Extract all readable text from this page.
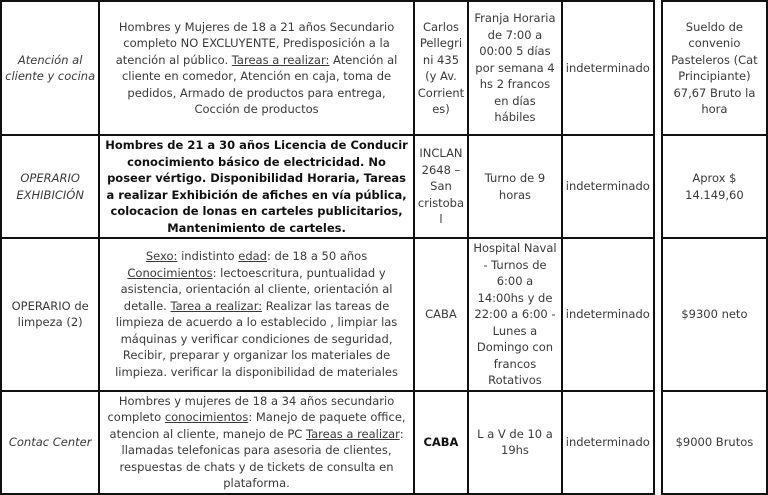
Atención al cliente y cocina	Hombres y Mujeres de 18 a 21 años Secundario completo NO EXCLUYENTE, Predisposición a la atención al público. Tareas a realizar: Atención al cliente en comedor, Atención en caja, toma de pedidos, Armado de productos para entrega, Cocción de productos	Carlos Pellegri ni 435 (y Av. Corrient es)	Franja Horaria de 7:00 a 00:00 5 días por semana 4 hs 2 francos en días hábiles	indeterminado		Sueldo de convenio Pasteleros (Cat Principiante) 67,67 Bruto la hora
OPERARIO EXHIBICIÓN	Hombres de 21 a 30 años Licencia de Conducir conocimiento básico de electricidad. No poseer vértigo. Disponibilidad Horaria, Tareas a realizar Exhibición de afiches en vía pública, colocacion de lonas en carteles publicitarios, Mantenimiento de carteles.	INCLAN 2648 – San cristoba l	Turno de 9 horas	indeterminado		Aprox $ 14.149,60
OPERARIO de limpeza (2)	Sexo: indistinto edad: de 18 a 50 años Conocimientos: lectoescritura, puntualidad y asistencia, orientación al cliente, orientación al detalle. Tarea a realizar: Realizar las tareas de limpieza de acuerdo a lo establecido , limpiar las máquinas y verificar condiciones de seguridad, Recibir, preparar y organizar los materiales de limpieza. verificar la disponibilidad de materiales	CABA	Hospital Naval - Turnos de 6:00 a 14:00hs y de 22:00 a 6:00 - Lunes a Domingo con francos Rotativos	indeterminado		$9300 neto
Contac Center	Hombres y mujeres de 18 a 34 años secundario completo conocimientos: Manejo de paquete office, atencion al cliente, manejo de PC Tareas a realizar: llamadas telefonicas para asesoria de clientes, respuestas de chats y de tickets de consulta en plataforma.	CABA	L a V de 10 a 19hs	indeterminado		$9000 Brutos
